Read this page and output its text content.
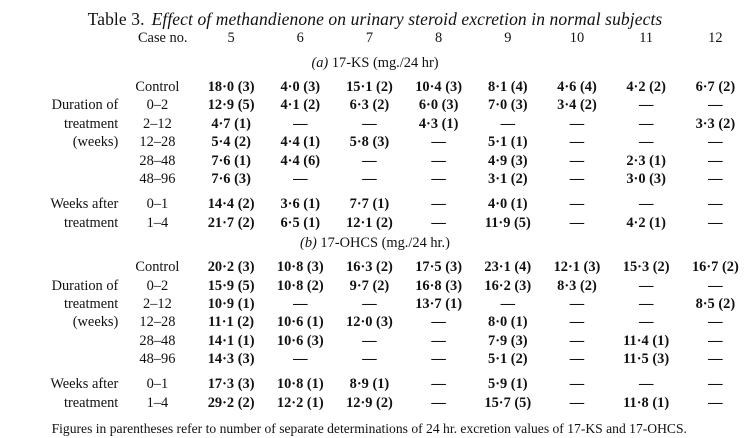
Table 3. Effect of methandienone on urinary steroid excretion in normal subjects
Case no.		5	6	7	8	9	10	11	12
(a) 17-KS (mg./24 hr)									
	Control	18·0 (3)	4·0 (3)	15·1 (2)	10·4 (3)	8·1 (4)	4·6 (4)	4·2 (2)	6·7 (2)
Duration of	0–2	12·9 (5)	4·1 (2)	6·3 (2)	6·0 (3)	7·0 (3)	3·4 (2)	—	—
treatment	2–12	4·7 (1)	—	—	4·3 (1)	—	—	—	3·3 (2)
(weeks)	12–28	5·4 (2)	4·4 (1)	5·8 (3)	—	5·1 (1)	—	—	—
	28–48	7·6 (1)	4·4 (6)	—	—	4·9 (3)	—	2·3 (1)	—
	48–96	7·6 (3)	—	—	—	3·1 (2)	—	3·0 (3)	—

Weeks after	0–1	14·4 (2)	3·6 (1)	7·7 (1)	—	4·0 (1)	—	—	—
treatment	1–4	21·7 (2)	6·5 (1)	12·1 (2)	—	11·9 (5)	—	4·2 (1)	—
(b) 17-OHCS (mg./24 hr.)									
	Control	20·2 (3)	10·8 (3)	16·3 (2)	17·5 (3)	23·1 (4)	12·1 (3)	15·3 (2)	16·7 (2)
Duration of	0–2	15·9 (5)	10·8 (2)	9·7 (2)	16·8 (3)	16·2 (3)	8·3 (2)	—	—
treatment	2–12	10·9 (1)	—	—	13·7 (1)	—	—	—	8·5 (2)
(weeks)	12–28	11·1 (2)	10·6 (1)	12·0 (3)	—	8·0 (1)	—	—	—
	28–48	14·1 (1)	10·6 (3)	—	—	7·9 (3)	—	11·4 (1)	—
	48–96	14·3 (3)	—	—	—	5·1 (2)	—	11·5 (3)	—

Weeks after	0–1	17·3 (3)	10·8 (1)	8·9 (1)	—	5·9 (1)	—	—	—
treatment	1–4	29·2 (2)	12·2 (1)	12·9 (2)	—	15·7 (5)	—	11·8 (1)	—
Figures in parentheses refer to number of separate determinations of 24 hr. excretion values of 17-KS and 17-OHCS.
